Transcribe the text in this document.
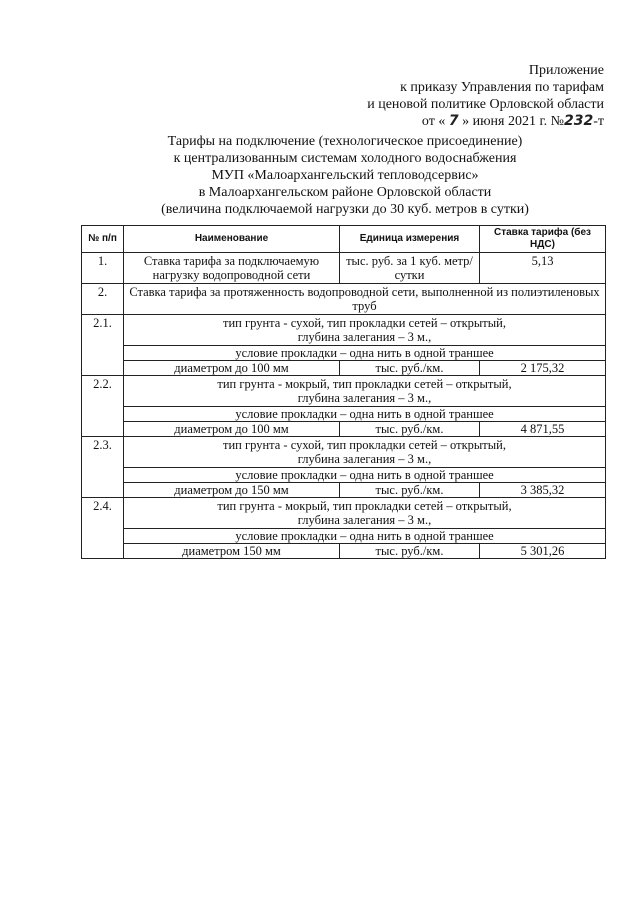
Приложение
к приказу Управления по тарифам
и ценовой политике Орловской области
от « 7 » июня 2021 г. №232-т
Тарифы на подключение (технологическое присоединение)
к централизованным системам холодного водоснабжения
МУП «Малоархангельский тепловодсервис»
в Малоархангельском районе Орловской области
(величина подключаемой нагрузки до 30 куб. метров в сутки)
№ п/п	Наименование	Единица измерения	Ставка тарифа (без НДС)
1.	Ставка тарифа за подключаемую нагрузку водопроводной сети	тыс. руб. за 1 куб. метр/сутки	5,13
2.	Ставка тарифа за протяженность водопроводной сети, выполненной из полиэтиленовых труб		
2.1.	тип грунта - сухой, тип прокладки сетей – открытый,
глубина залегания – 3 м.,		

	условие прокладки – одна нить в одной траншее		
	диаметром до 100 мм	тыс. руб./км.	2 175,32
2.2.	тип грунта - мокрый, тип прокладки сетей – открытый,
глубина залегания – 3 м.,		

	условие прокладки – одна нить в одной траншее		
	диаметром до 100 мм	тыс. руб./км.	4 871,55
2.3.	тип грунта - сухой, тип прокладки сетей – открытый,
глубина залегания – 3 м.,		

	условие прокладки – одна нить в одной траншее		
	диаметром до 150 мм	тыс. руб./км.	3 385,32
2.4.	тип грунта - мокрый, тип прокладки сетей – открытый,
глубина залегания – 3 м.,		

	условие прокладки – одна нить в одной траншее		
	диаметром 150 мм	тыс. руб./км.	5 301,26
